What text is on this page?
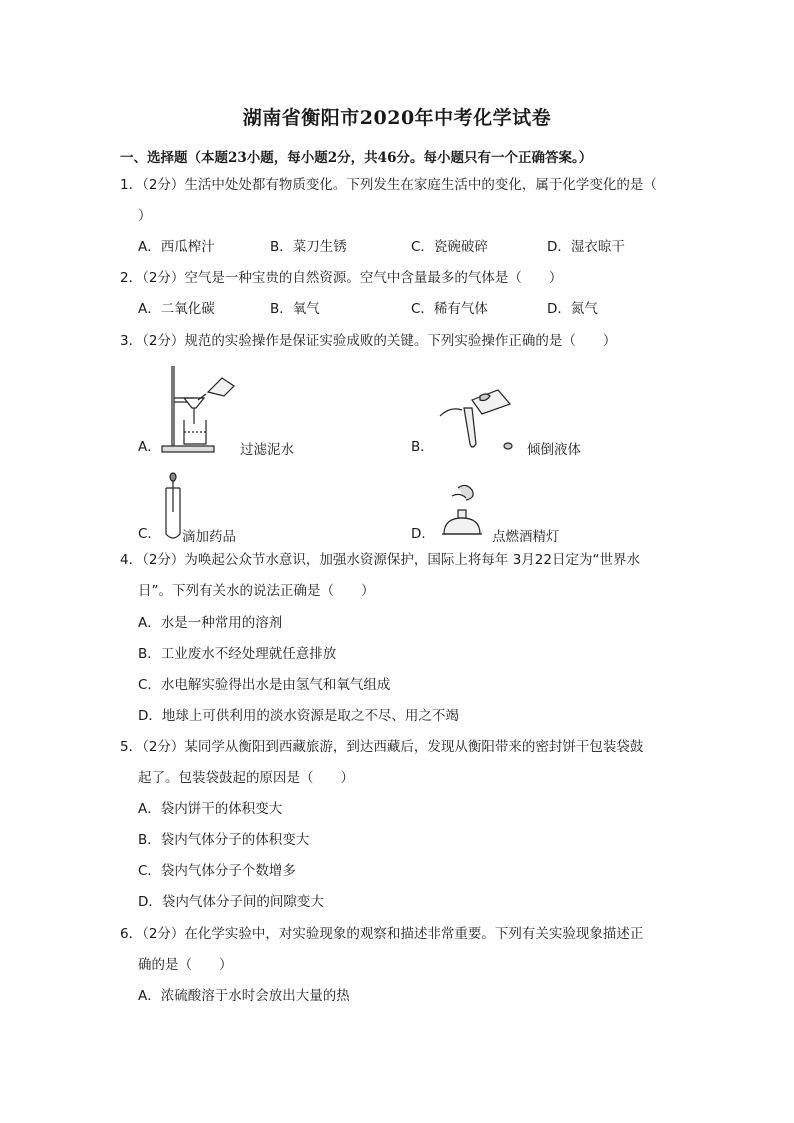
湖南省衡阳市2020年中考化学试卷
一、选择题（本题23小题，每小题2分，共46分。每小题只有一个正确答案。）
1．（2分）生活中处处都有物质变化。下列发生在家庭生活中的变化，属于化学变化的是（
）
A．西瓜榨汁	B．菜刀生锈	C．瓷碗破碎	D．湿衣晾干
2．（2分）空气是一种宝贵的自然资源。空气中含量最多的气体是（　　）
A．二氧化碳	B．氧气	C．稀有气体	D．氮气
3．（2分）规范的实验操作是保证实验成败的关键。下列实验操作正确的是（　　）
A．	过滤泥水	B．	倾倒液体
C． 滴加药品	D．	点燃酒精灯
4．（2分）为唤起公众节水意识，加强水资源保护，国际上将每年 3月22日定为“世界水
日”。下列有关水的说法正确是（　　）
A．水是一种常用的溶剂
B．工业废水不经处理就任意排放
C．水电解实验得出水是由氢气和氧气组成
D．地球上可供利用的淡水资源是取之不尽、用之不竭
5．（2分）某同学从衡阳到西藏旅游，到达西藏后，发现从衡阳带来的密封饼干包装袋鼓
起了。包装袋鼓起的原因是（　　）
A．袋内饼干的体积变大
B．袋内气体分子的体积变大
C．袋内气体分子个数增多
D．袋内气体分子间的间隙变大
6．（2分）在化学实验中，对实验现象的观察和描述非常重要。下列有关实验现象描述正
确的是（　　）
A．浓硫酸溶于水时会放出大量的热
